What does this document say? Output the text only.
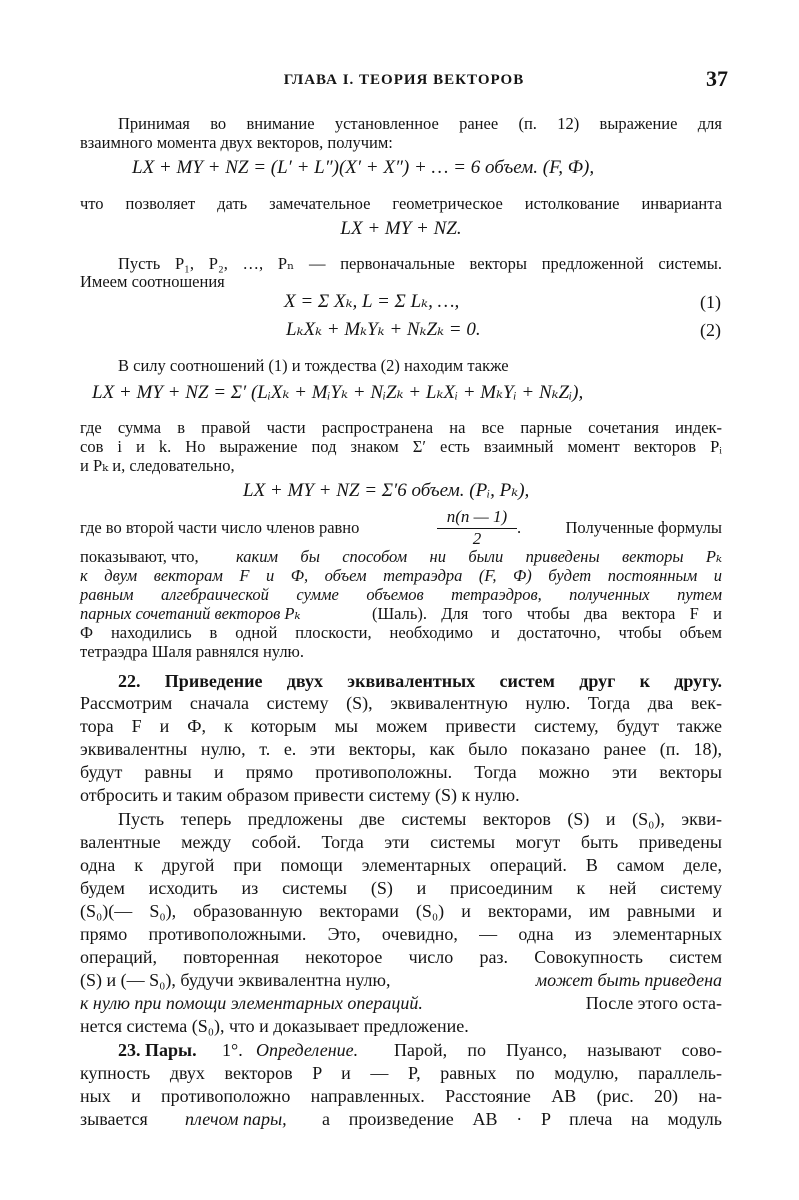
ГЛАВА I. ТЕОРИЯ ВЕКТОРОВ	37
Принимая во внимание установленное ранее (п. 12) выражение для
взаимного момента двух векторов, получим:
LX + MY + NZ = (L′ + L″)(X′ + X″) + … = 6 объем. (F, Ф),
что позволяет дать замечательное геометрическое истолкование инварианта
LX + MY + NZ.
Пусть P₁, P₂, …, Pₙ — первоначальные векторы предложенной системы.
Имеем соотношения
X = Σ Xₖ, L = Σ Lₖ, …,	(1)
LₖXₖ + MₖYₖ + NₖZₖ = 0.	(2)
В силу соотношений (1) и тождества (2) находим также
LX + MY + NZ = Σ′ (LᵢXₖ + MᵢYₖ + NᵢZₖ + LₖXᵢ + MₖYᵢ + NₖZᵢ),
где сумма в правой части распространена на все парные сочетания индек-
сов i и k. Но выражение под знаком Σ′ есть взаимный момент векторов Pᵢ
и Pₖ и, следовательно,
LX + MY + NZ = Σ′6 объем. (Pᵢ, Pₖ),
где во второй части число членов равно	$\frac{n(n — 1)}{2}$ .	Полученные формулы
показывают, что,	каким бы способом ни были приведены векторы Pₖ
к двум векторам F и Ф, объем тетраэдра (F, Ф) будет постоянным и
равным алгебраической сумме объемов тетраэдров, полученных путем
парных сочетаний векторов Pₖ	(Шаль). Для того чтобы два вектора F и
Ф находились в одной плоскости, необходимо и достаточно, чтобы объем
тетраэдра Шаля равнялся нулю.
22. Приведение двух эквивалентных систем друг к другу.
Рассмотрим сначала систему (S), эквивалентную нулю. Тогда два век-
тора F и Ф, к которым мы можем привести систему, будут также
эквивалентны нулю, т. е. эти векторы, как было показано ранее (п. 18),
будут равны и прямо противоположны. Тогда можно эти векторы
отбросить и таким образом привести систему (S) к нулю.
Пусть теперь предложены две системы векторов (S) и (S₀), экви-
валентные между собой. Тогда эти системы могут быть приведены
одна к другой при помощи элементарных операций. В самом деле,
будем исходить из системы (S) и присоединим к ней систему
(S₀)(— S₀), образованную векторами (S₀) и векторами, им равными и
прямо противоположными. Это, очевидно, — одна из элементарных
операций, повторенная некоторое число раз. Совокупность систем
(S) и (— S₀), будучи эквивалентна нулю,	может быть приведена
к нулю при помощи элементарных операций.	После этого оста-
нется система (S₀), что и доказывает предложение.
23. Пары.	1°. Определение.	Парой, по Пуансо, называют сово-
купность двух векторов P и — P, равных по модулю, параллель-
ных и противоположно направленных. Расстояние AB (рис. 20) на-
зывается	плечом пары,	а произведение AB · P плеча на модуль
